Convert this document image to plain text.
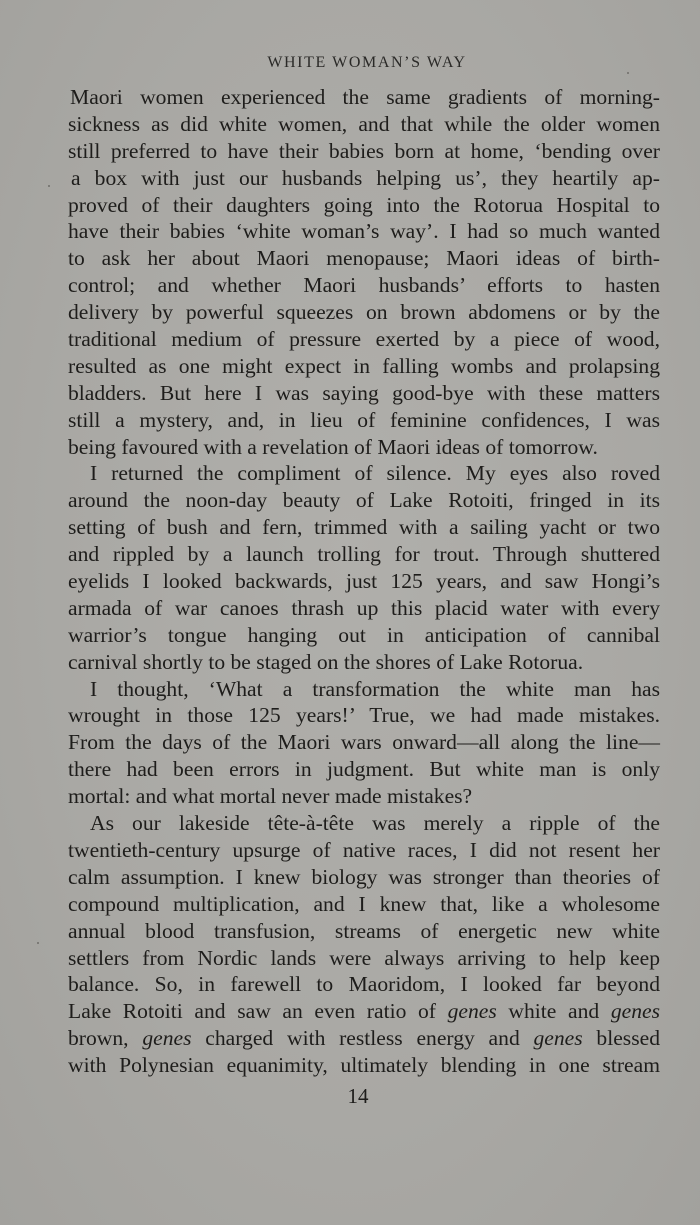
WHITE WOMAN’S WAY
Maori women experienced the same gradients of morning-
sickness as did white women, and that while the older women
still preferred to have their babies born at home, ‘bending over
a box with just our husbands helping us’, they heartily ap-
proved of their daughters going into the Rotorua Hospital to
have their babies ‘white woman’s way’. I had so much wanted
to ask her about Maori menopause; Maori ideas of birth-
control; and whether Maori husbands’ efforts to hasten
delivery by powerful squeezes on brown abdomens or by the
traditional medium of pressure exerted by a piece of wood,
resulted as one might expect in falling wombs and prolapsing
bladders. But here I was saying good-bye with these matters
still a mystery, and, in lieu of feminine confidences, I was
being favoured with a revelation of Maori ideas of tomorrow.
I returned the compliment of silence. My eyes also roved
around the noon-day beauty of Lake Rotoiti, fringed in its
setting of bush and fern, trimmed with a sailing yacht or two
and rippled by a launch trolling for trout. Through shuttered
eyelids I looked backwards, just 125 years, and saw Hongi’s
armada of war canoes thrash up this placid water with every
warrior’s tongue hanging out in anticipation of cannibal
carnival shortly to be staged on the shores of Lake Rotorua.
I thought, ‘What a transformation the white man has
wrought in those 125 years!’ True, we had made mistakes.
From the days of the Maori wars onward—all along the line—
there had been errors in judgment. But white man is only
mortal: and what mortal never made mistakes?
As our lakeside tête-à-tête was merely a ripple of the
twentieth-century upsurge of native races, I did not resent her
calm assumption. I knew biology was stronger than theories of
compound multiplication, and I knew that, like a wholesome
annual blood transfusion, streams of energetic new white
settlers from Nordic lands were always arriving to help keep
balance. So, in farewell to Maoridom, I looked far beyond
Lake Rotoiti and saw an even ratio of genes white and genes
brown, genes charged with restless energy and genes blessed
with Polynesian equanimity, ultimately blending in one stream
14
